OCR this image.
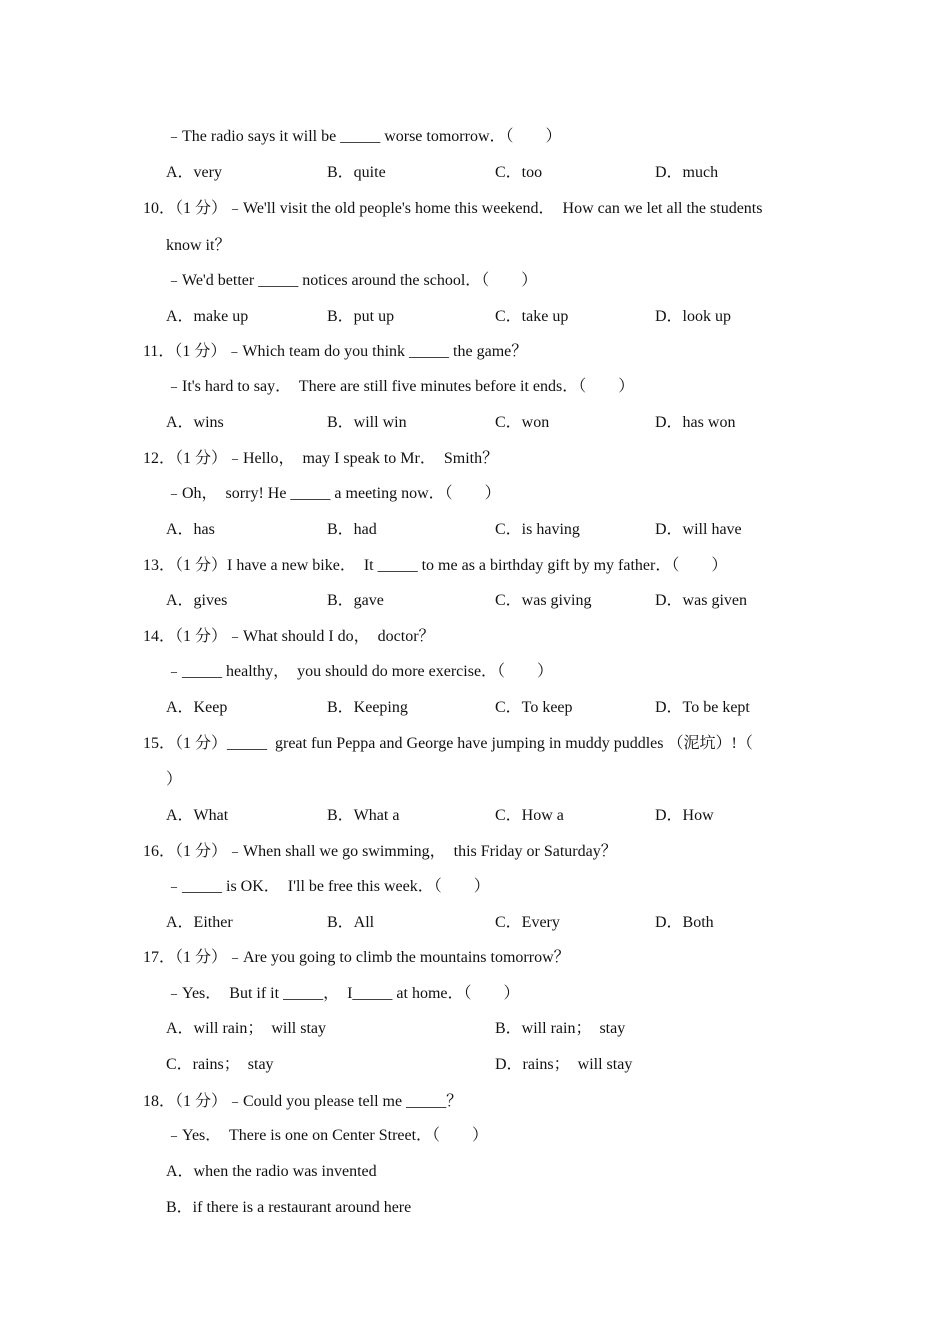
﹣The radio says it will be _____ worse tomorrow．（　　）
A．very	B．quite	C．too	D．much
10．（1 分）﹣We'll visit the old people's home this weekend．  How can we let all the students
know it？
﹣We'd better _____ notices around the school．（　　）
A．make up	B．put up	C．take up	D．look up
11．（1 分）﹣Which team do you think _____ the game？
﹣It's hard to say．  There are still five minutes before it ends．（　　）
A．wins	B．will win	C．won	D．has won
12．（1 分）﹣Hello，  may I speak to Mr．  Smith？
﹣Oh，  sorry! He _____ a meeting now．（　　）
A．has	B．had	C．is having	D．will have
13．（1 分）I have a new bike．  It _____ to me as a birthday gift by my father．（　　）
A．gives	B．gave	C．was giving	D．was given
14．（1 分）﹣What should I do，  doctor？
﹣_____ healthy，  you should do more exercise．（　　）
A．Keep	B．Keeping	C．To keep	D．To be kept
15．（1 分）_____  great fun Peppa and George have jumping in muddy puddles （泥坑）!（
）
A．What	B．What a	C．How a	D．How
16．（1 分）﹣When shall we go swimming，  this Friday or Saturday？
﹣_____ is OK．  I'll be free this week．（　　）
A．Either	B．All	C．Every	D．Both
17．（1 分）﹣Are you going to climb the mountains tomorrow？
﹣Yes．  But if it _____，  I_____ at home．（　　）
A．will rain；  will stay	B．will rain；  stay
C．rains；  stay	D．rains；  will stay
18．（1 分）﹣Could you please tell me _____？
﹣Yes．  There is one on Center Street．（　　）
A．when the radio was invented
B．if there is a restaurant around here
